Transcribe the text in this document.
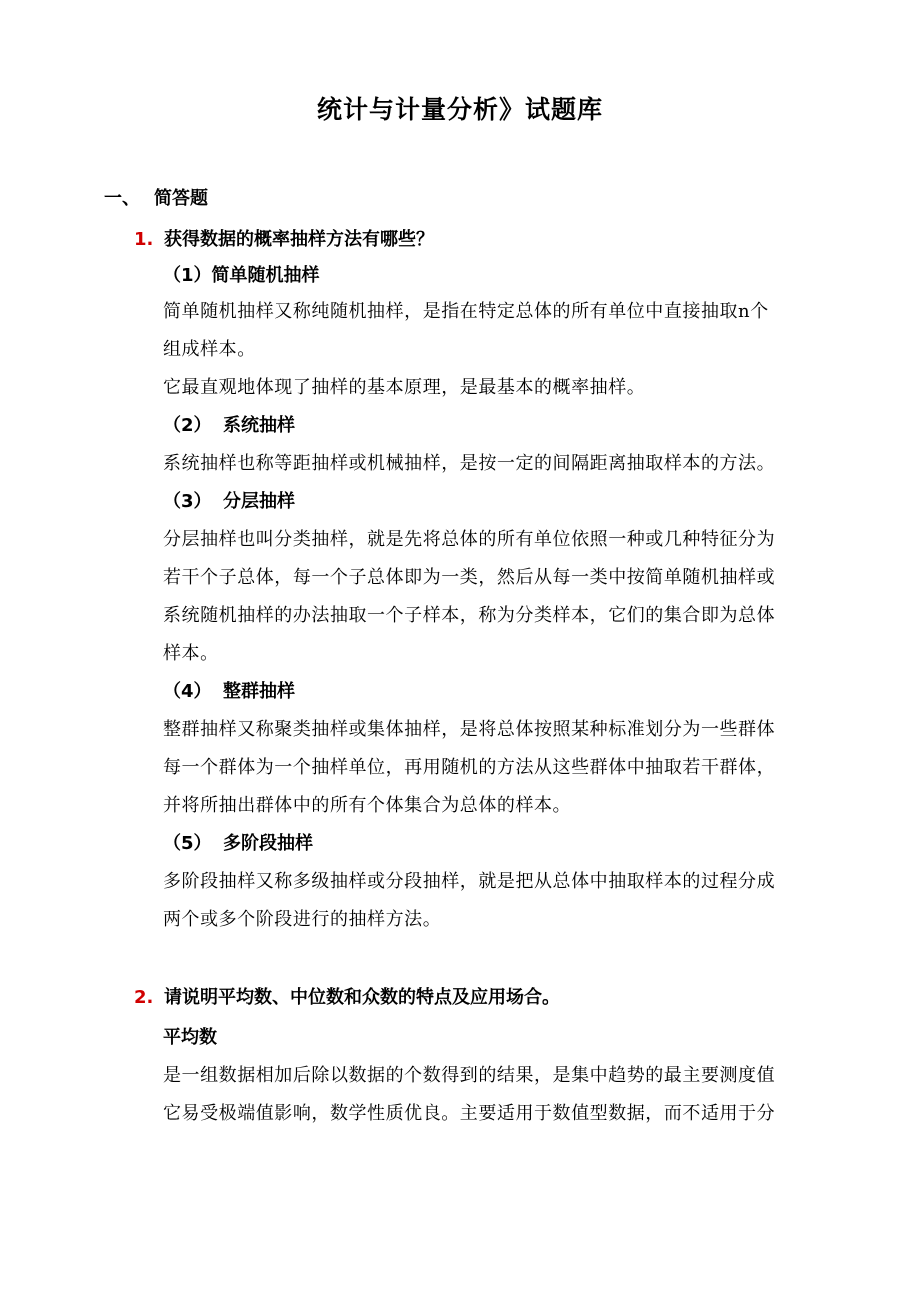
统计与计量分析》试题库
一、 简答题
1. 获得数据的概率抽样方法有哪些？
（1）简单随机抽样
简单随机抽样又称纯随机抽样，是指在特定总体的所有单位中直接抽取n个
组成样本。
它最直观地体现了抽样的基本原理，是最基本的概率抽样。
（2） 系统抽样
系统抽样也称等距抽样或机械抽样，是按一定的间隔距离抽取样本的方法。
（3） 分层抽样
分层抽样也叫分类抽样，就是先将总体的所有单位依照一种或几种特征分为
若干个子总体，每一个子总体即为一类，然后从每一类中按简单随机抽样或
系统随机抽样的办法抽取一个子样本，称为分类样本，它们的集合即为总体
样本。
（4） 整群抽样
整群抽样又称聚类抽样或集体抽样，是将总体按照某种标准划分为一些群体
每一个群体为一个抽样单位，再用随机的方法从这些群体中抽取若干群体，
并将所抽出群体中的所有个体集合为总体的样本。
（5） 多阶段抽样
多阶段抽样又称多级抽样或分段抽样，就是把从总体中抽取样本的过程分成
两个或多个阶段进行的抽样方法。
2. 请说明平均数、中位数和众数的特点及应用场合。
平均数
是一组数据相加后除以数据的个数得到的结果，是集中趋势的最主要测度值
它易受极端值影响，数学性质优良。主要适用于数值型数据，而不适用于分
